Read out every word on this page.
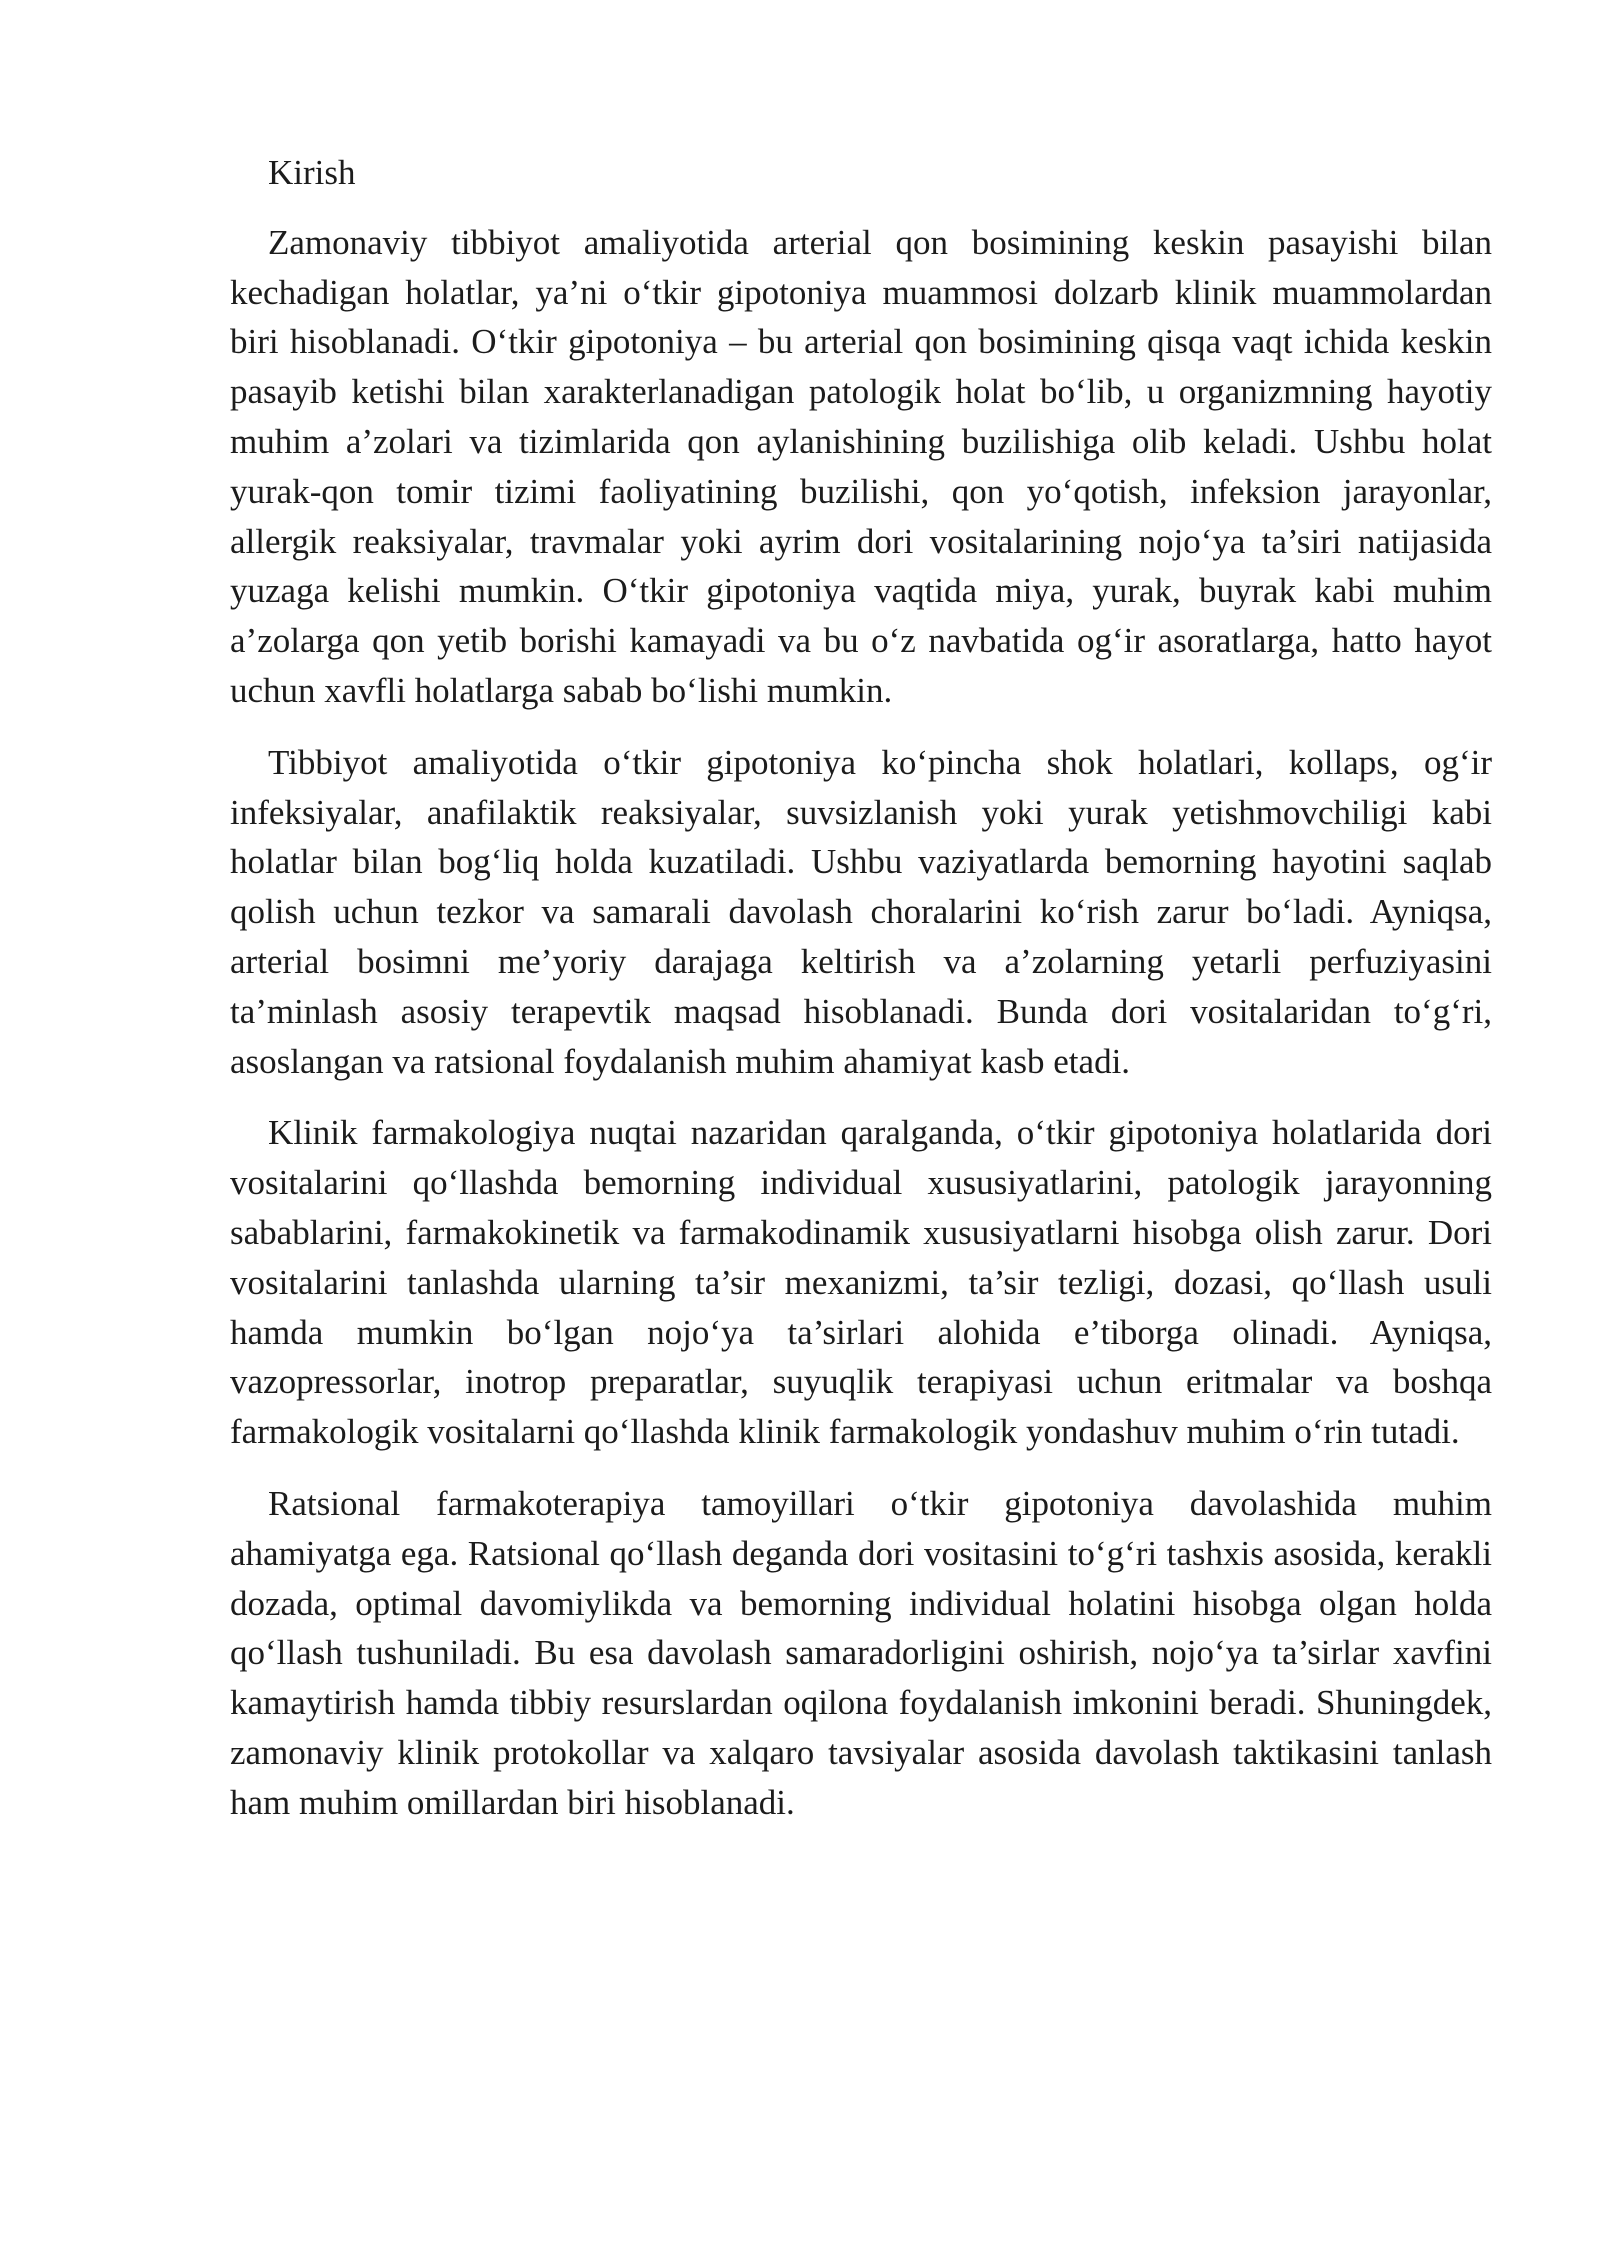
Kirish

Zamonaviy tibbiyot amaliyotida arterial qon bosimining keskin pasayishi bilan kechadigan holatlar, ya’ni o‘tkir gipotoniya muammosi dolzarb klinik muammolardan biri hisoblanadi. O‘tkir gipotoniya – bu arterial qon bosimining qisqa vaqt ichida keskin pasayib ketishi bilan xarakterlanadigan patologik holat bo‘lib, u organizmning hayotiy muhim a’zolari va tizimlarida qon aylanishining buzilishiga olib keladi. Ushbu holat yurak-qon tomir tizimi faoliyatining buzilishi, qon yo‘qotish, infeksion jarayonlar, allergik reaksiyalar, travmalar yoki ayrim dori vositalarining nojo‘ya ta’siri natijasida yuzaga kelishi mumkin. O‘tkir gipotoniya vaqtida miya, yurak, buyrak kabi muhim a’zolarga qon yetib borishi kamayadi va bu o‘z navbatida og‘ir asoratlarga, hatto hayot uchun xavfli holatlarga sabab bo‘lishi mumkin.

Tibbiyot amaliyotida o‘tkir gipotoniya ko‘pincha shok holatlari, kollaps, og‘ir infeksiyalar, anafilaktik reaksiyalar, suvsizlanish yoki yurak yetishmovchiligi kabi holatlar bilan bog‘liq holda kuzatiladi. Ushbu vaziyatlarda bemorning hayotini saqlab qolish uchun tezkor va samarali davolash choralarini ko‘rish zarur bo‘ladi. Ayniqsa, arterial bosimni me’yoriy darajaga keltirish va a’zolarning yetarli perfuziyasini ta’minlash asosiy terapevtik maqsad hisoblanadi. Bunda dori vositalaridan to‘g‘ri, asoslangan va ratsional foydalanish muhim ahamiyat kasb etadi.

Klinik farmakologiya nuqtai nazaridan qaralganda, o‘tkir gipotoniya holatlarida dori vositalarini qo‘llashda bemorning individual xususiyatlarini, patologik jarayonning sabablarini, farmakokinetik va farmakodinamik xususiyatlarni hisobga olish zarur. Dori vositalarini tanlashda ularning ta’sir mexanizmi, ta’sir tezligi, dozasi, qo‘llash usuli hamda mumkin bo‘lgan nojo‘ya ta’sirlari alohida e’tiborga olinadi. Ayniqsa, vazopressorlar, inotrop preparatlar, suyuqlik terapiyasi uchun eritmalar va boshqa farmakologik vositalarni qo‘llashda klinik farmakologik yondashuv muhim o‘rin tutadi.

Ratsional farmakoterapiya tamoyillari o‘tkir gipotoniya davolashida muhim ahamiyatga ega. Ratsional qo‘llash deganda dori vositasini to‘g‘ri tashxis asosida, kerakli dozada, optimal davomiylikda va bemorning individual holatini hisobga olgan holda qo‘llash tushuniladi. Bu esa davolash samaradorligini oshirish, nojo‘ya ta’sirlar xavfini kamaytirish hamda tibbiy resurslardan oqilona foydalanish imkonini beradi. Shuningdek, zamonaviy klinik protokollar va xalqaro tavsiyalar asosida davolash taktikasini tanlash ham muhim omillardan biri hisoblanadi.
